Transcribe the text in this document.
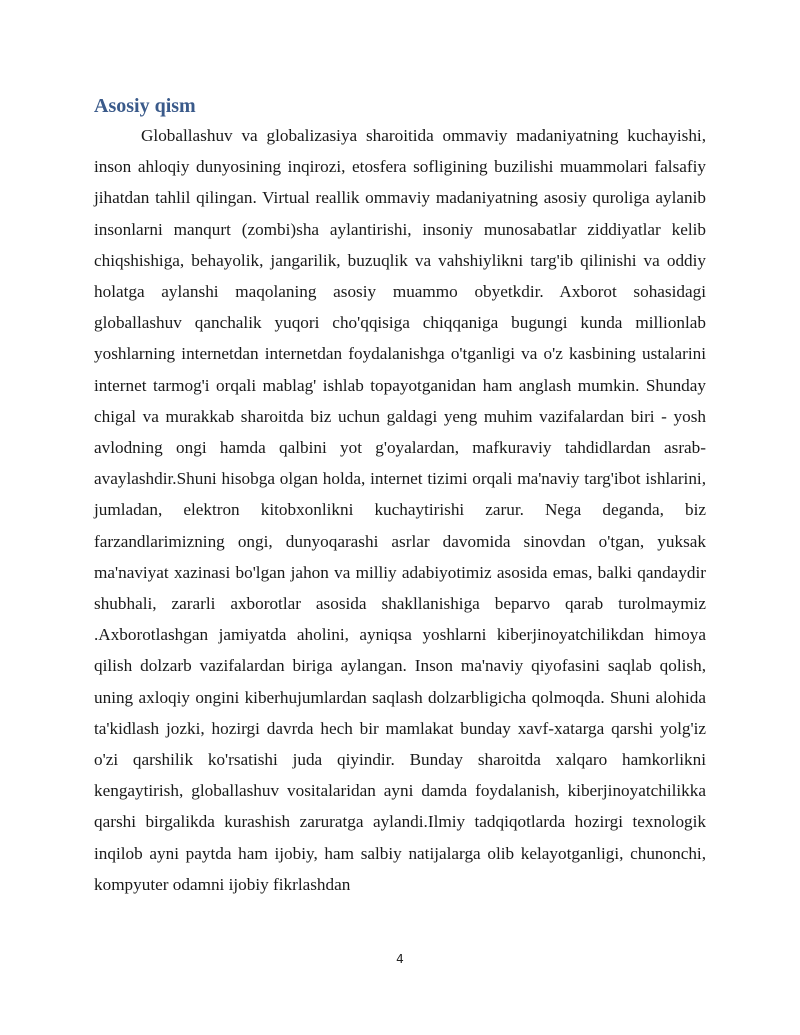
Asosiy qism

Globallashuv va globalizasiya sharoitida ommaviy madaniyatning kuchayishi, inson ahloqiy dunyosining inqirozi, etosfera sofligining buzilishi muammolari falsafiy jihatdan tahlil qilingan. Virtual reallik ommaviy madaniyatning asosiy quroliga aylanib insonlarni manqurt (zombi)sha aylantirishi, insoniy munosabatlar ziddiyatlar kelib chiqshishiga, behayolik, jangarilik, buzuqlik va vahshiylikni targ'ib qilinishi va oddiy holatga aylanshi maqolaning asosiy muammo obyetkdir. Axborot sohasidagi globallashuv qanchalik yuqori cho'qqisiga chiqqaniga bugungi kunda millionlab yoshlarning internetdan internetdan foydalanishga o'tganligi va o'z kasbining ustalarini internet tarmog'i orqali mablag' ishlab topayotganidan ham anglash mumkin. Shunday chigal va murakkab sharoitda biz uchun galdagi yeng muhim vazifalardan biri - yosh avlodning ongi hamda qalbini yot g'oyalardan, mafkuraviy tahdidlardan asrab-avaylashdir.Shuni hisobga olgan holda, internet tizimi orqali ma'naviy targ'ibot ishlarini, jumladan, elektron kitobxonlikni kuchaytirishi zarur. Nega deganda, biz farzandlarimizning ongi, dunyoqarashi asrlar davomida sinovdan o'tgan, yuksak ma'naviyat xazinasi bo'lgan jahon va milliy adabiyotimiz asosida emas, balki qandaydir shubhali, zararli axborotlar asosida shakllanishiga beparvo qarab turolmaymiz .Axborotlashgan jamiyatda aholini, ayniqsa yoshlarni kiberjinoyatchilikdan himoya qilish dolzarb vazifalardan biriga aylangan. Inson ma'naviy qiyofasini saqlab qolish, uning axloqiy ongini kiberhujumlardan saqlash dolzarbligicha qolmoqda. Shuni alohida ta'kidlash jozki, hozirgi davrda hech bir mamlakat bunday xavf-xatarga qarshi yolg'iz o'zi qarshilik ko'rsatishi juda qiyindir. Bunday sharoitda xalqaro hamkorlikni kengaytirish, globallashuv vositalaridan ayni damda foydalanish, kiberjinoyatchilikka qarshi birgalikda kurashish zaruratga aylandi.Ilmiy tadqiqotlarda hozirgi texnologik inqilob ayni paytda ham ijobiy, ham salbiy natijalarga olib kelayotganligi, chunonchi, kompyuter odamni ijobiy fikrlashdan

4
